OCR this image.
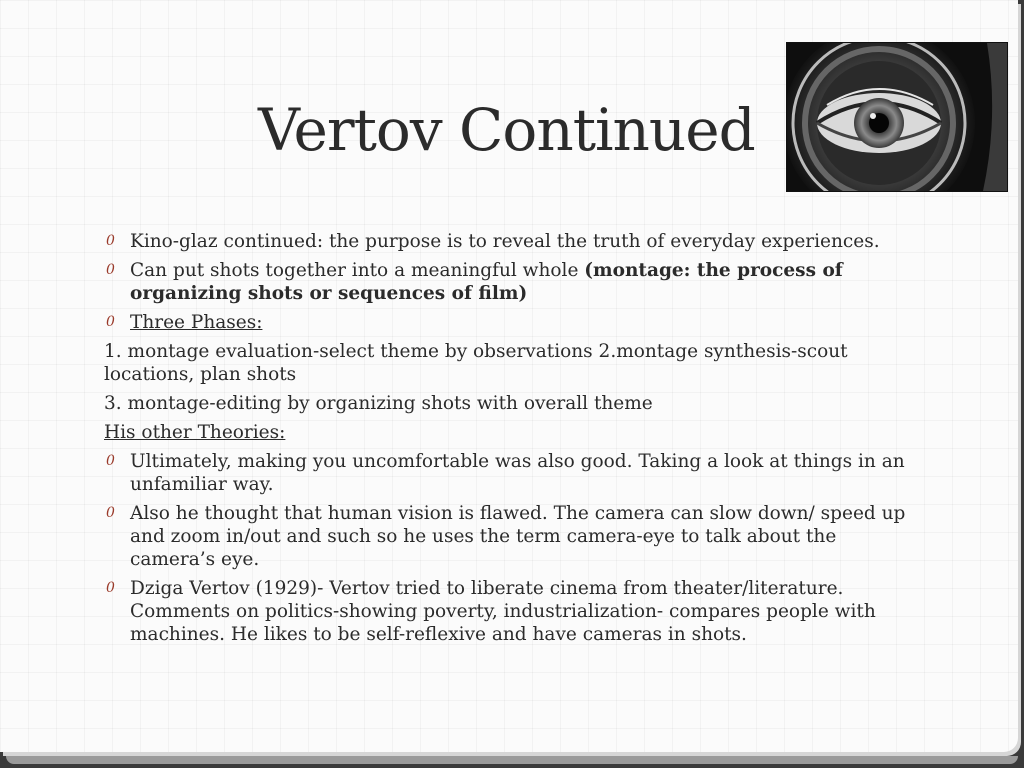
Vertov Continued
0 Kino-glaz continued: the purpose is to reveal the truth of everyday experiences.
0 Can put shots together into a meaningful whole (montage: the process of organizing shots or sequences of film)
0 Three Phases:
1. montage evaluation-select theme by observations 2.montage synthesis-scout locations, plan shots
3. montage-editing by organizing shots with overall theme
His other Theories:
0 Ultimately, making you uncomfortable was also good. Taking a look at things in an unfamiliar way.
0 Also he thought that human vision is flawed. The camera can slow down/ speed up and zoom in/out and such so he uses the term camera-eye to talk about the camera’s eye.
0 Dziga Vertov (1929)- Vertov tried to liberate cinema from theater/literature. Comments on politics-showing poverty, industrialization- compares people with machines. He likes to be self-reflexive and have cameras in shots.
